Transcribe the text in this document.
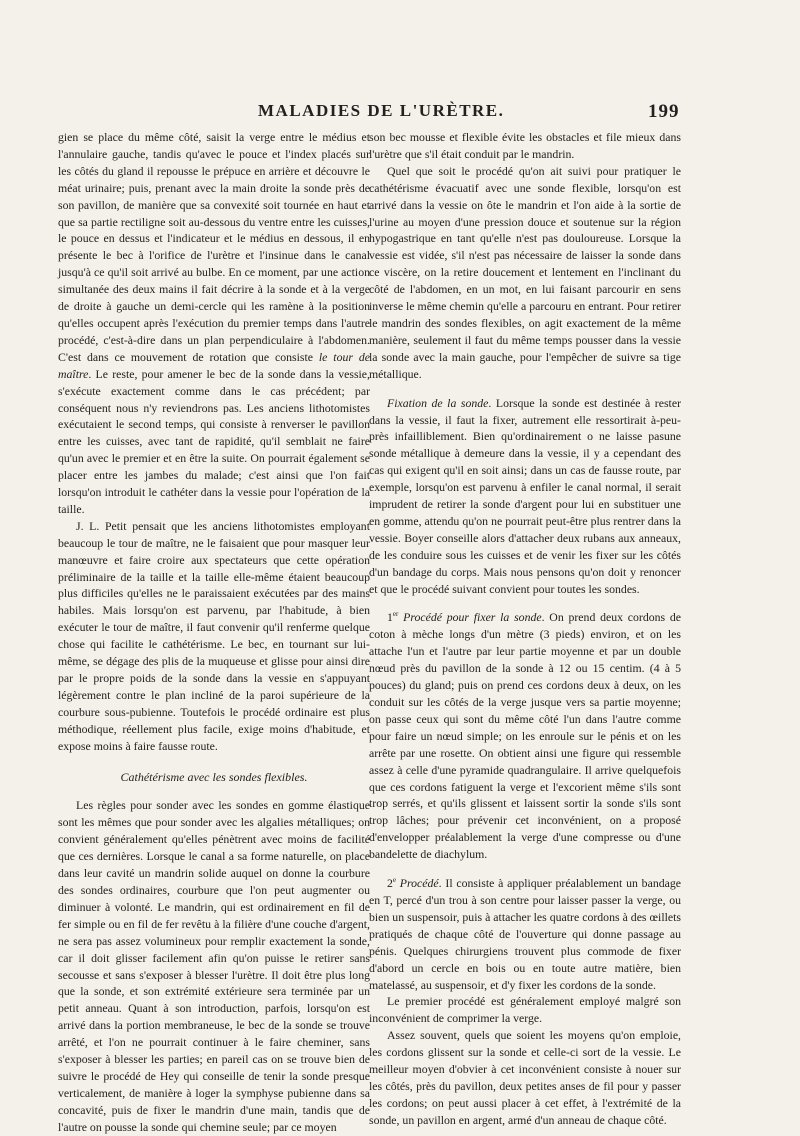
MALADIES DE L'URÈTRE.	199

gien se place du même côté, saisit la verge entre le médius et l'annulaire gauche, tandis qu'avec le pouce et l'index placés sur les côtés du gland il repousse le prépuce en arrière et découvre le méat urinaire; puis, prenant avec la main droite la sonde près de son pavillon, de manière que sa convexité soit tournée en haut et que sa partie rectiligne soit au-dessous du ventre entre les cuisses, le pouce en dessus et l'indicateur et le médius en dessous, il en présente le bec à l'orifice de l'urètre et l'insinue dans le canal jusqu'à ce qu'il soit arrivé au bulbe. En ce moment, par une action simultanée des deux mains il fait décrire à la sonde et à la verge de droite à gauche un demi-cercle qui les ramène à la position qu'elles occupent après l'exécution du premier temps dans l'autre procédé, c'est-à-dire dans un plan perpendiculaire à l'abdomen. C'est dans ce mouvement de rotation que consiste le tour de maître. Le reste, pour amener le bec de la sonde dans la vessie, s'exécute exactement comme dans le cas précédent; par conséquent nous n'y reviendrons pas. Les anciens lithotomistes exécutaient le second temps, qui consiste à renverser le pavillon entre les cuisses, avec tant de rapidité, qu'il semblait ne faire qu'un avec le premier et en être la suite. On pourrait également se placer entre les jambes du malade; c'est ainsi que l'on fait lorsqu'on introduit le cathéter dans la vessie pour l'opération de la taille.

J. L. Petit pensait que les anciens lithotomistes employant beaucoup le tour de maître, ne le faisaient que pour masquer leur manœuvre et faire croire aux spectateurs que cette opération préliminaire de la taille et la taille elle-même étaient beaucoup plus difficiles qu'elles ne le paraissaient exécutées par des mains habiles. Mais lorsqu'on est parvenu, par l'habitude, à bien exécuter le tour de maître, il faut convenir qu'il renferme quelque chose qui facilite le cathétérisme. Le bec, en tournant sur lui-même, se dégage des plis de la muqueuse et glisse pour ainsi dire par le propre poids de la sonde dans la vessie en s'appuyant légèrement contre le plan incliné de la paroi supérieure de la courbure sous-pubienne. Toutefois le procédé ordinaire est plus méthodique, réellement plus facile, exige moins d'habitude, et expose moins à faire fausse route.

Cathétérisme avec les sondes flexibles.

Les règles pour sonder avec les sondes en gomme élastique sont les mêmes que pour sonder avec les algalies métalliques; on convient généralement qu'elles pénètrent avec moins de facilité que ces dernières. Lorsque le canal a sa forme naturelle, on place dans leur cavité un mandrin solide auquel on donne la courbure des sondes ordinaires, courbure que l'on peut augmenter ou diminuer à volonté. Le mandrin, qui est ordinairement en fil de fer simple ou en fil de fer revêtu à la filière d'une couche d'argent, ne sera pas assez volumineux pour remplir exactement la sonde, car il doit glisser facilement afin qu'on puisse le retirer sans secousse et sans s'exposer à blesser l'urètre. Il doit être plus long que la sonde, et son extrémité extérieure sera terminée par un petit anneau. Quant à son introduction, parfois, lorsqu'on est arrivé dans la portion membraneuse, le bec de la sonde se trouve arrêté, et l'on ne pourrait continuer à le faire cheminer, sans s'exposer à blesser les parties; en pareil cas on se trouve bien de suivre le procédé de Hey qui conseille de tenir la sonde presque verticalement, de manière à loger la symphyse pubienne dans sa concavité, puis de fixer le mandrin d'une main, tandis que de l'autre on pousse la sonde qui chemine seule; par ce moyen

son bec mousse et flexible évite les obstacles et file mieux dans l'urètre que s'il était conduit par le mandrin.

Quel que soit le procédé qu'on ait suivi pour pratiquer le cathétérisme évacuatif avec une sonde flexible, lorsqu'on est arrivé dans la vessie on ôte le mandrin et l'on aide à la sortie de l'urine au moyen d'une pression douce et soutenue sur la région hypogastrique en tant qu'elle n'est pas douloureuse. Lorsque la vessie est vidée, s'il n'est pas nécessaire de laisser la sonde dans ce viscère, on la retire doucement et lentement en l'inclinant du côté de l'abdomen, en un mot, en lui faisant parcourir en sens inverse le même chemin qu'elle a parcouru en entrant. Pour retirer le mandrin des sondes flexibles, on agit exactement de la même manière, seulement il faut du même temps pousser dans la vessie la sonde avec la main gauche, pour l'empêcher de suivre sa tige métallique.

Fixation de la sonde. Lorsque la sonde est destinée à rester dans la vessie, il faut la fixer, autrement elle ressortirait à-peu-près infailliblement. Bien qu'ordinairement o ne laisse pasune sonde métallique à demeure dans la vessie, il y a cependant des cas qui exigent qu'il en soit ainsi; dans un cas de fausse route, par exemple, lorsqu'on est parvenu à enfiler le canal normal, il serait imprudent de retirer la sonde d'argent pour lui en substituer une en gomme, attendu qu'on ne pourrait peut-être plus rentrer dans la vessie. Boyer conseille alors d'attacher deux rubans aux anneaux, de les conduire sous les cuisses et de venir les fixer sur les côtés d'un bandage du corps. Mais nous pensons qu'on doit y renoncer et que le procédé suivant convient pour toutes les sondes.

1er Procédé pour fixer la sonde. On prend deux cordons de coton à mèche longs d'un mètre (3 pieds) environ, et on les attache l'un et l'autre par leur partie moyenne et par un double nœud près du pavillon de la sonde à 12 ou 15 centim. (4 à 5 pouces) du gland; puis on prend ces cordons deux à deux, on les conduit sur les côtés de la verge jusque vers sa partie moyenne; on passe ceux qui sont du même côté l'un dans l'autre comme pour faire un nœud simple; on les enroule sur le pénis et on les arrête par une rosette. On obtient ainsi une figure qui ressemble assez à celle d'une pyramide quadrangulaire. Il arrive quelquefois que ces cordons fatiguent la verge et l'excorient même s'ils sont trop serrés, et qu'ils glissent et laissent sortir la sonde s'ils sont trop lâches; pour prévenir cet inconvénient, on a proposé d'envelopper préalablement la verge d'une compresse ou d'une bandelette de diachylum.

2e Procédé. Il consiste à appliquer préalablement un bandage en T, percé d'un trou à son centre pour laisser passer la verge, ou bien un suspensoir, puis à attacher les quatre cordons à des œillets pratiqués de chaque côté de l'ouverture qui donne passage au pénis. Quelques chirurgiens trouvent plus commode de fixer d'abord un cercle en bois ou en toute autre matière, bien matelassé, au suspensoir, et d'y fixer les cordons de la sonde.

Le premier procédé est généralement employé malgré son inconvénient de comprimer la verge.

Assez souvent, quels que soient les moyens qu'on emploie, les cordons glissent sur la sonde et celle-ci sort de la vessie. Le meilleur moyen d'obvier à cet inconvénient consiste à nouer sur les côtés, près du pavillon, deux petites anses de fil pour y passer les cordons; on peut aussi placer à cet effet, à l'extrémité de la sonde, un pavillon en argent, armé d'un anneau de chaque côté.
